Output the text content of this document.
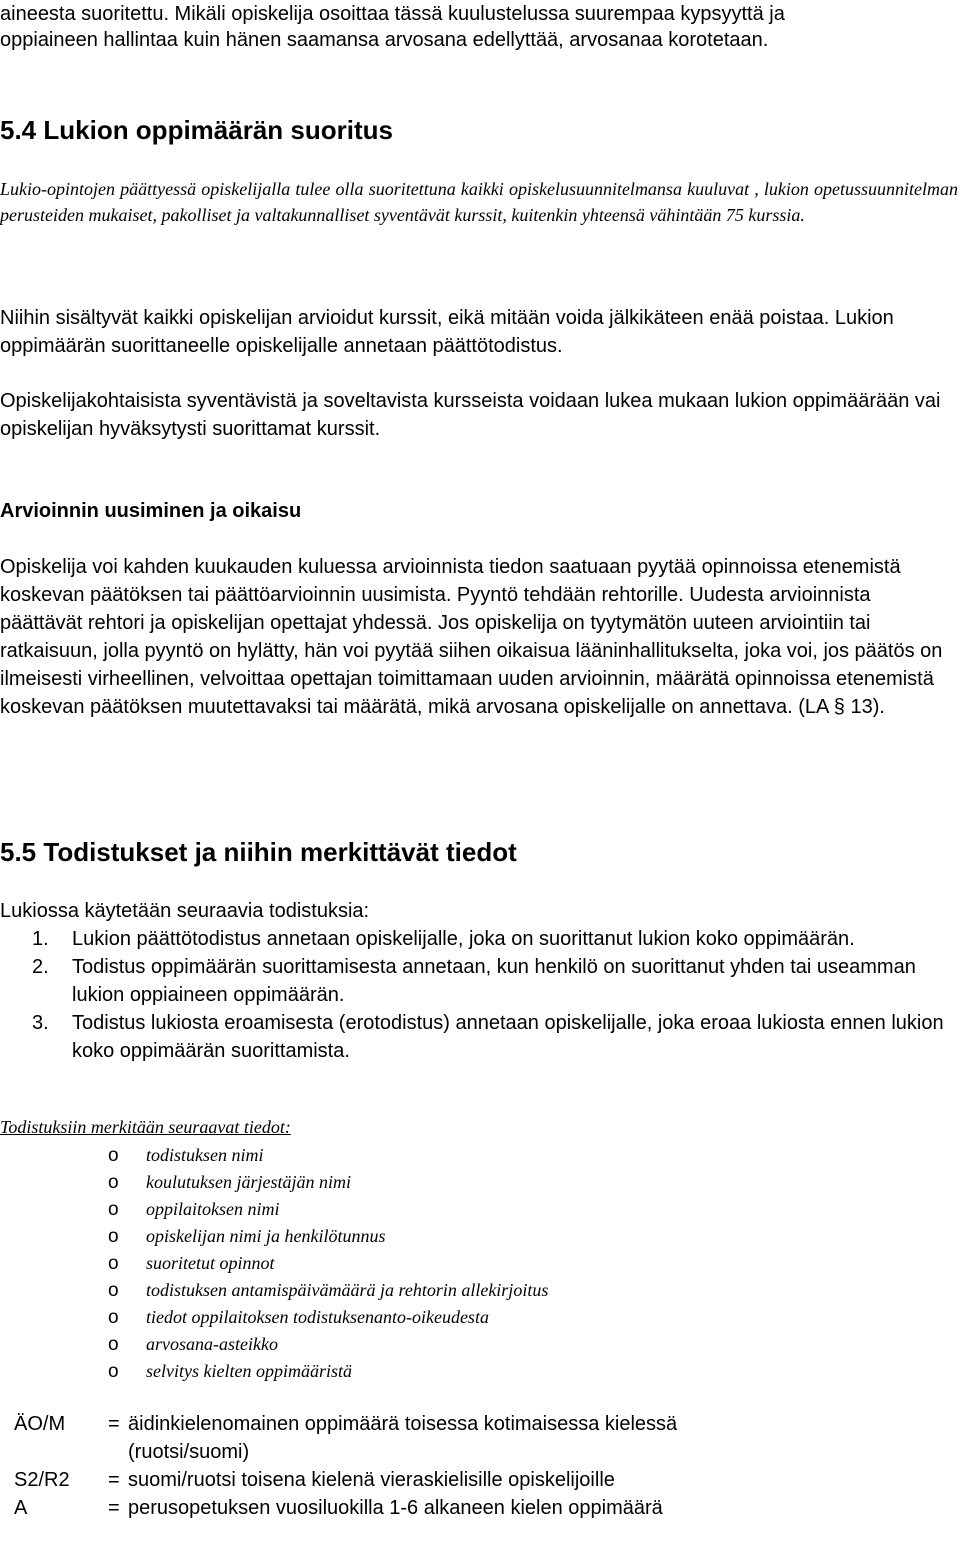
aineesta suoritettu. Mikäli opiskelija osoittaa tässä kuulustelussa suurempaa kypsyyttä ja

oppiaineen hallintaa kuin hänen saamansa arvosana edellyttää, arvosanaa korotetaan.

5.4 Lukion oppimäärän suoritus

Lukio-opintojen päättyessä opiskelijalla tulee olla suoritettuna kaikki opiskelusuunnitelmansa kuuluvat , lukion opetussuunnitelman perusteiden mukaiset, pakolliset ja valtakunnalliset syventävät kurssit, kuitenkin yhteensä vähintään 75 kurssia.

Niihin sisältyvät kaikki opiskelijan arvioidut kurssit, eikä mitään voida jälkikäteen enää poistaa. Lukion oppimäärän suorittaneelle opiskelijalle annetaan päättötodistus.

Opiskelijakohtaisista syventävistä ja soveltavista kursseista voidaan lukea mukaan lukion oppimäärään vai opiskelijan hyväksytysti suorittamat kurssit.

Arvioinnin uusiminen ja oikaisu

Opiskelija voi kahden kuukauden kuluessa arvioinnista tiedon saatuaan pyytää opinnoissa etenemistä koskevan päätöksen tai päättöarvioinnin uusimista. Pyyntö tehdään rehtorille. Uudesta arvioinnista päättävät rehtori ja opiskelijan opettajat yhdessä. Jos opiskelija on tyytymätön uuteen arviointiin tai ratkaisuun, jolla pyyntö on hylätty, hän voi pyytää siihen oikaisua lääninhallitukselta, joka voi, jos päätös on ilmeisesti virheellinen, velvoittaa opettajan toimittamaan uuden arvioinnin, määrätä opinnoissa etenemistä koskevan päätöksen muutettavaksi tai määrätä, mikä arvosana opiskelijalle on annettava. (LA § 13).

5.5 Todistukset ja niihin merkittävät tiedot

Lukiossa käytetään seuraavia todistuksia:

1. Lukion päättötodistus annetaan opiskelijalle, joka on suorittanut lukion koko oppimäärän.
2. Todistus oppimäärän suorittamisesta annetaan, kun henkilö on suorittanut yhden tai useamman lukion oppiaineen oppimäärän.
3. Todistus lukiosta eroamisesta (erotodistus) annetaan opiskelijalle, joka eroaa lukiosta ennen lukion koko oppimäärän suorittamista.

Todistuksiin merkitään seuraavat tiedot:

o todistuksen nimi
o koulutuksen järjestäjän nimi
o oppilaitoksen nimi
o opiskelijan nimi ja henkilötunnus
o suoritetut opinnot
o todistuksen antamispäivämäärä ja rehtorin allekirjoitus
o tiedot oppilaitoksen todistuksenanto-oikeudesta
o arvosana-asteikko
o selvitys kielten oppimääristä
ÄO/M	= äidinkielenomainen oppimäärä toisessa kotimaisessa kielessä (ruotsi/suomi)
S2/R2	= suomi/ruotsi toisena kielenä vieraskielisille opiskelijoille
A	= perusopetuksen vuosiluokilla 1-6 alkaneen kielen oppimäärä
